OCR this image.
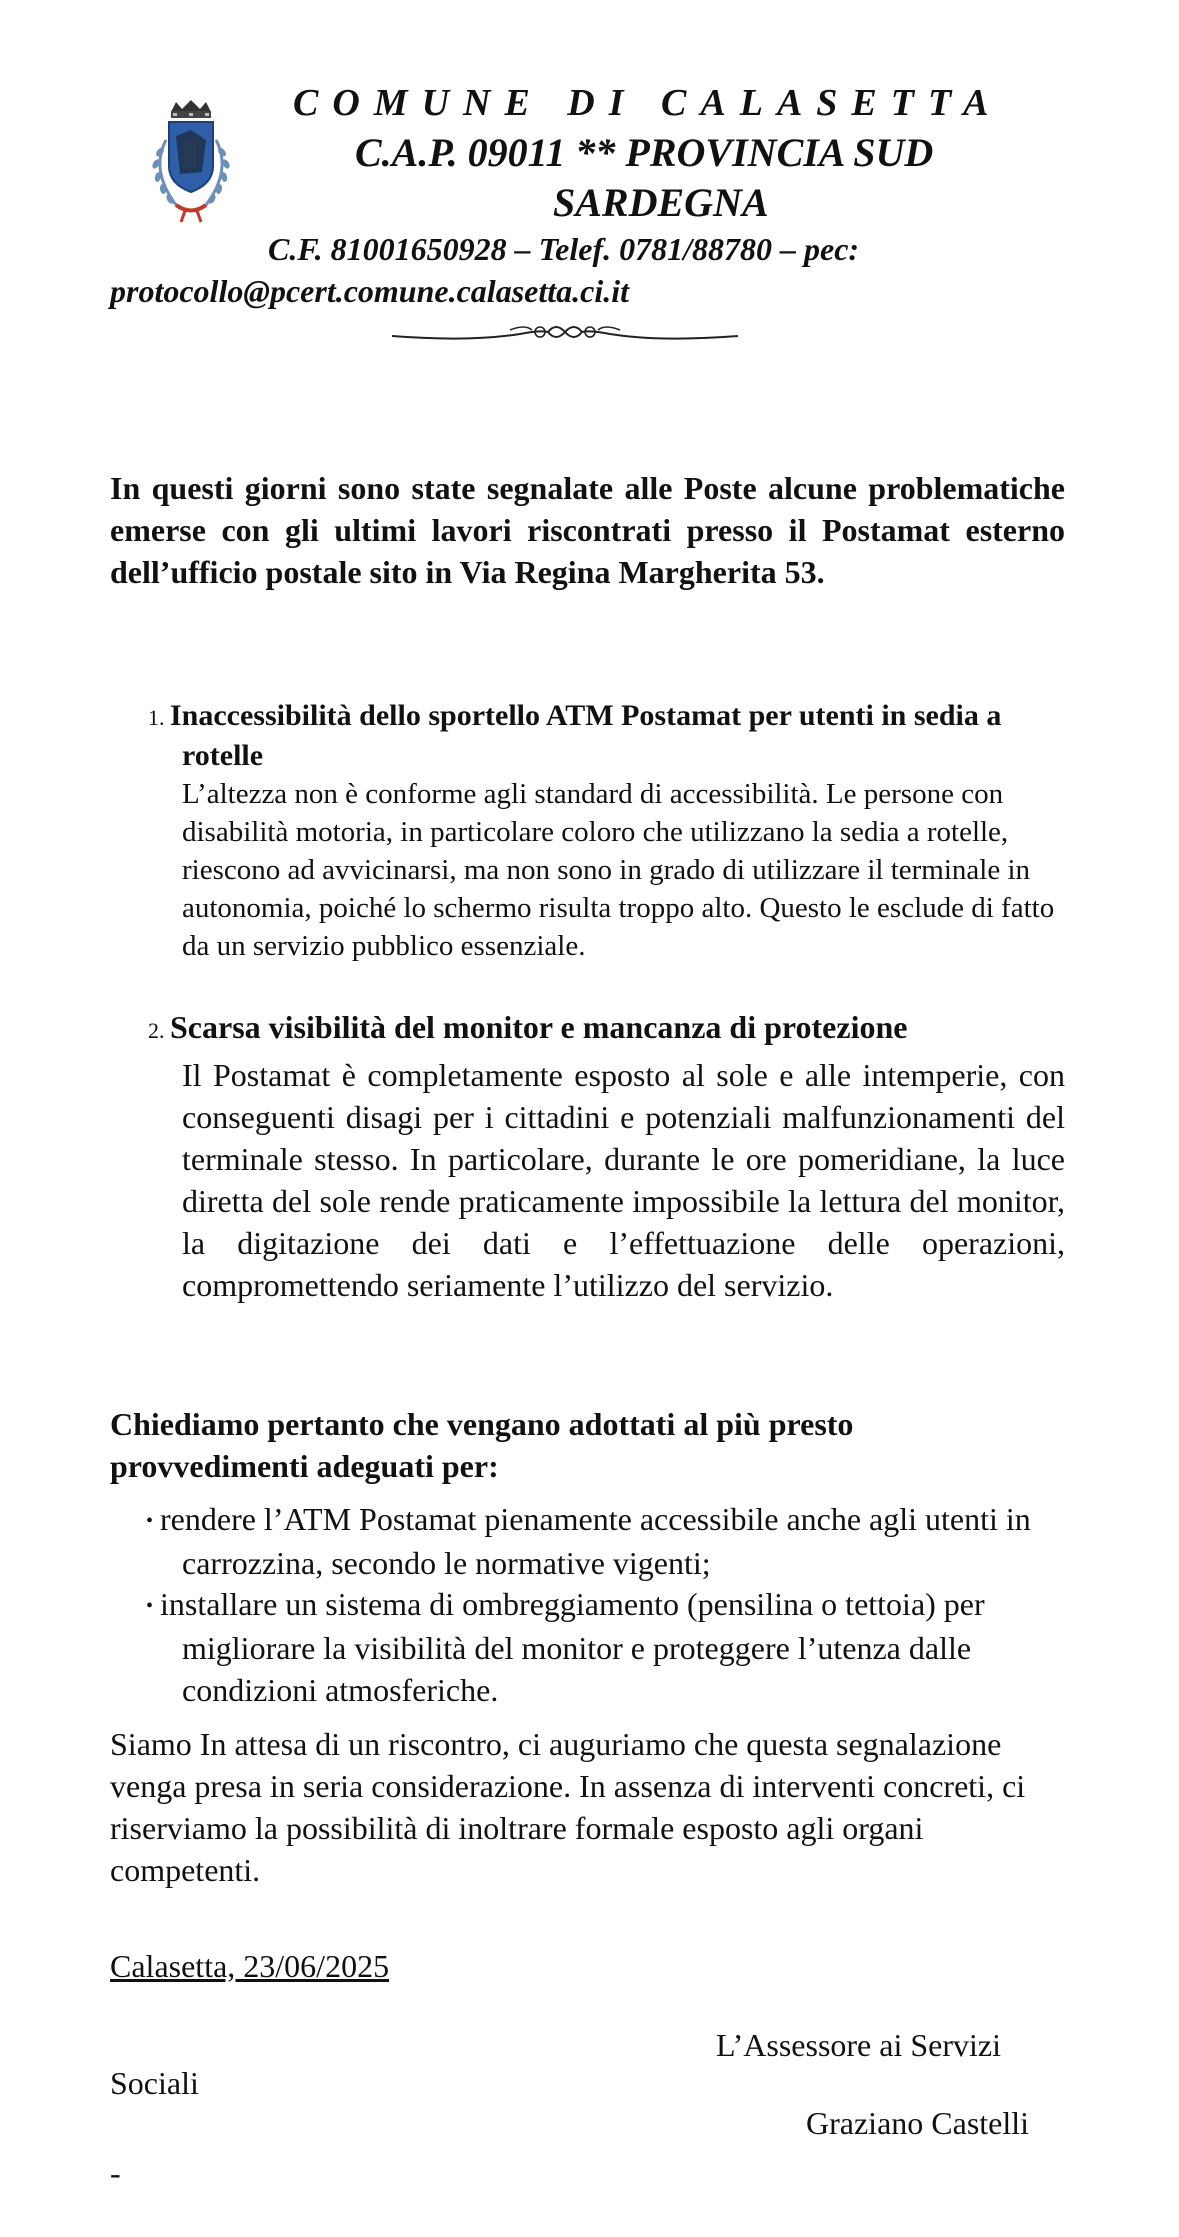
COMUNE DI CALASETTA
C.A.P. 09011 ** PROVINCIA SUD
SARDEGNA
C.F. 81001650928 – Telef. 0781/88780 – pec:
protocollo@pcert.comune.calasetta.ci.it

In questi giorni sono state segnalate alle Poste alcune problematiche emerse con gli ultimi lavori riscontrati presso il Postamat esterno dell’ufficio postale sito in Via Regina Margherita 53.

1. Inaccessibilità dello sportello ATM Postamat per utenti in sedia a rotelle

L’altezza non è conforme agli standard di accessibilità. Le persone con disabilità motoria, in particolare coloro che utilizzano la sedia a rotelle, riescono ad avvicinarsi, ma non sono in grado di utilizzare il terminale in autonomia, poiché lo schermo risulta troppo alto. Questo le esclude di fatto da un servizio pubblico essenziale.

2. Scarsa visibilità del monitor e mancanza di protezione

Il Postamat è completamente esposto al sole e alle intemperie, con conseguenti disagi per i cittadini e potenziali malfunzionamenti del terminale stesso. In particolare, durante le ore pomeridiane, la luce diretta del sole rende praticamente impossibile la lettura del monitor, la digitazione dei dati e l’effettuazione delle operazioni, compromettendo seriamente l’utilizzo del servizio.

Chiediamo pertanto che vengano adottati al più presto provvedimenti adeguati per:

• rendere l’ATM Postamat pienamente accessibile anche agli utenti in carrozzina, secondo le normative vigenti;

• installare un sistema di ombreggiamento (pensilina o tettoia) per migliorare la visibilità del monitor e proteggere l’utenza dalle condizioni atmosferiche.

Siamo In attesa di un riscontro, ci auguriamo che questa segnalazione venga presa in seria considerazione. In assenza di interventi concreti, ci riserviamo la possibilità di inoltrare formale esposto agli organi competenti.

Calasetta, 23/06/2025
L’Assessore ai Servizi
Sociali
Graziano Castelli
-
